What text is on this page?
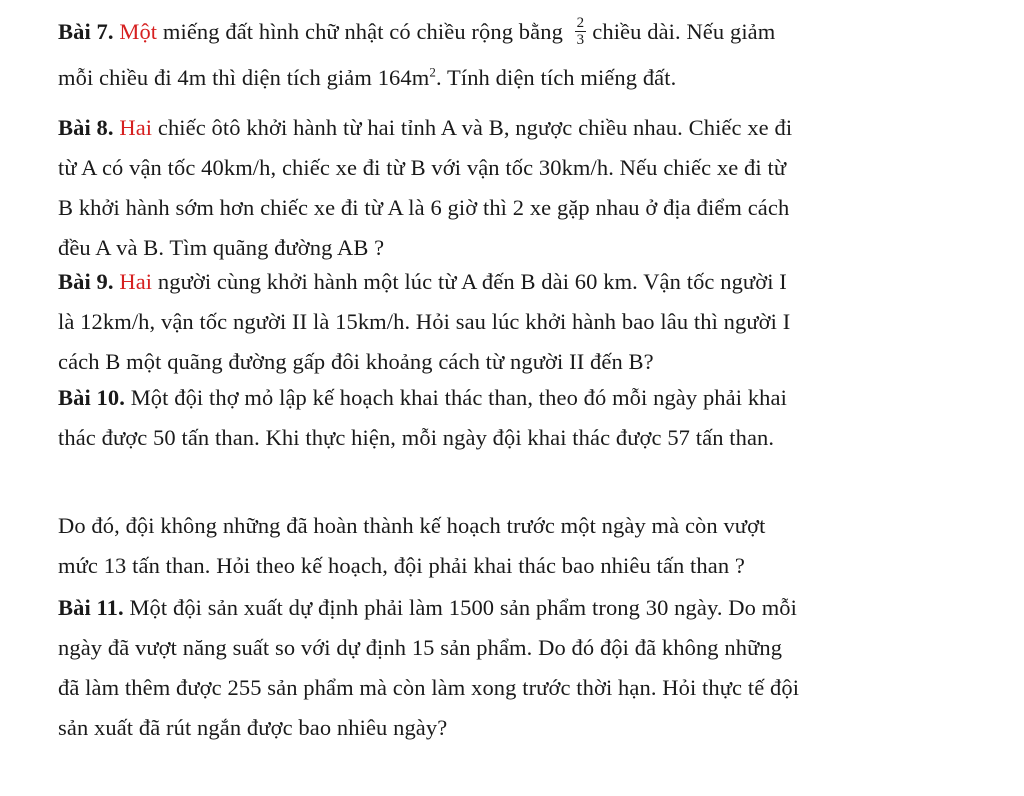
Bài 7. Một miếng đất hình chữ nhật có chiều rộng bằng $\frac{2}{3}$ chiều dài. Nếu giảm
mỗi chiều đi 4m thì diện tích giảm $164m^2$. Tính diện tích miếng đất.
Bài 8. Hai chiếc ôtô khởi hành từ hai tỉnh A và B, ngược chiều nhau. Chiếc xe đi
từ A có vận tốc 40km/h, chiếc xe đi từ B với vận tốc 30km/h. Nếu chiếc xe đi từ
B khởi hành sớm hơn chiếc xe đi từ A là 6 giờ thì 2 xe gặp nhau ở địa điểm cách
đều A và B. Tìm quãng đường AB ?
Bài 9. Hai người cùng khởi hành một lúc từ A đến B dài 60 km. Vận tốc người I
là 12km/h, vận tốc người II là 15km/h. Hỏi sau lúc khởi hành bao lâu thì người I
cách B một quãng đường gấp đôi khoảng cách từ người II đến B?
Bài 10. Một đội thợ mỏ lập kế hoạch khai thác than, theo đó mỗi ngày phải khai
thác được 50 tấn than. Khi thực hiện, mỗi ngày đội khai thác được 57 tấn than.
Do đó, đội không những đã hoàn thành kế hoạch trước một ngày mà còn vượt
mức 13 tấn than. Hỏi theo kế hoạch, đội phải khai thác bao nhiêu tấn than ?
Bài 11. Một đội sản xuất dự định phải làm 1500 sản phẩm trong 30 ngày. Do mỗi
ngày đã vượt năng suất so với dự định 15 sản phẩm. Do đó đội đã không những
đã làm thêm được 255 sản phẩm mà còn làm xong trước thời hạn. Hỏi thực tế đội
sản xuất đã rút ngắn được bao nhiêu ngày?
